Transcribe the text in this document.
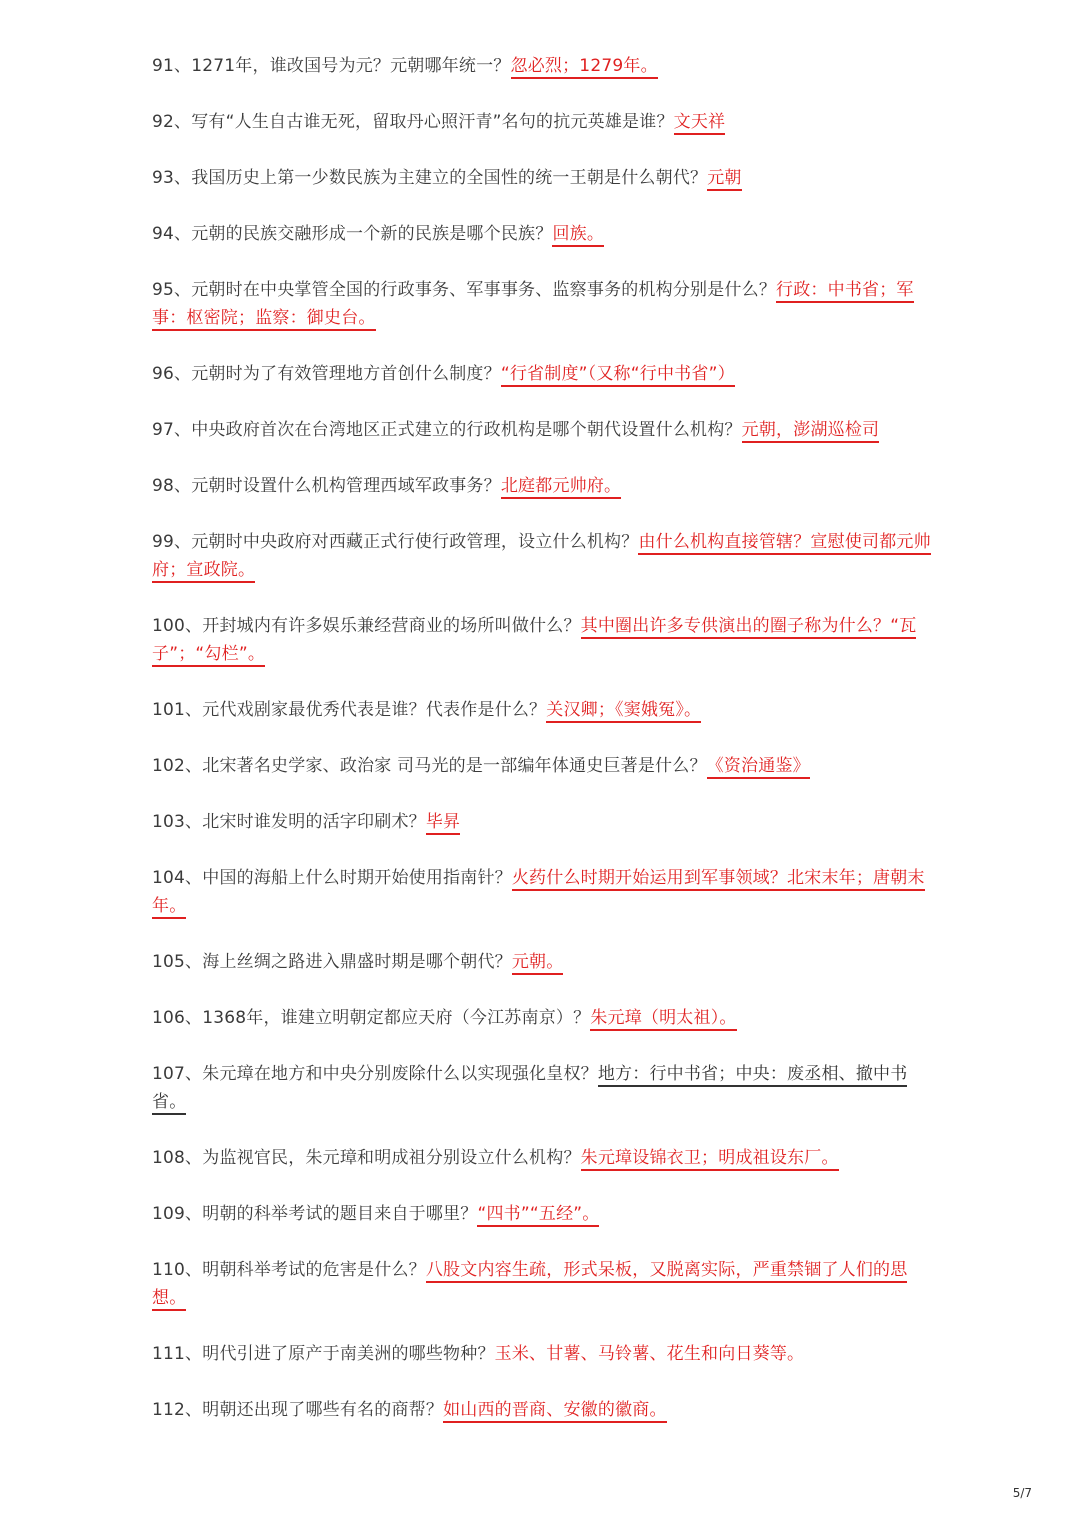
91、1271年，谁改国号为元？元朝哪年统一？忽必烈；1279年。

92、写有“人生自古谁无死，留取丹心照汗青”名句的抗元英雄是谁？文天祥

93、我国历史上第一少数民族为主建立的全国性的统一王朝是什么朝代？元朝

94、元朝的民族交融形成一个新的民族是哪个民族？回族。

95、元朝时在中央掌管全国的行政事务、军事事务、监察事务的机构分别是什么？行政：中书省；军事：枢密院；监察：御史台。

96、元朝时为了有效管理地方首创什么制度？“行省制度”（又称“行中书省”）

97、中央政府首次在台湾地区正式建立的行政机构是哪个朝代设置什么机构？元朝，澎湖巡检司

98、元朝时设置什么机构管理西域军政事务？北庭都元帅府。

99、元朝时中央政府对西藏正式行使行政管理，设立什么机构？由什么机构直接管辖？宣慰使司都元帅府；宣政院。

100、开封城内有许多娱乐兼经营商业的场所叫做什么？其中圈出许多专供演出的圈子称为什么？“瓦子”；“勾栏”。

101、元代戏剧家最优秀代表是谁？代表作是什么？关汉卿；《窦娥冤》。

102、北宋著名史学家、政治家 司马光的是一部编年体通史巨著是什么？《资治通鉴》

103、北宋时谁发明的活字印刷术？毕昇

104、中国的海船上什么时期开始使用指南针？火药什么时期开始运用到军事领域？北宋末年；唐朝末年。

105、海上丝绸之路进入鼎盛时期是哪个朝代？元朝。

106、1368年，谁建立明朝定都应天府（今江苏南京）？朱元璋（明太祖）。

107、朱元璋在地方和中央分别废除什么以实现强化皇权？地方：行中书省；中央：废丞相、撤中书省。

108、为监视官民，朱元璋和明成祖分别设立什么机构？朱元璋设锦衣卫；明成祖设东厂。

109、明朝的科举考试的题目来自于哪里？“四书”“五经”。

110、明朝科举考试的危害是什么？八股文内容生疏，形式呆板，又脱离实际，严重禁锢了人们的思想。

111、明代引进了原产于南美洲的哪些物种？玉米、甘薯、马铃薯、花生和向日葵等。

112、明朝还出现了哪些有名的商帮？如山西的晋商、安徽的徽商。

5/7
